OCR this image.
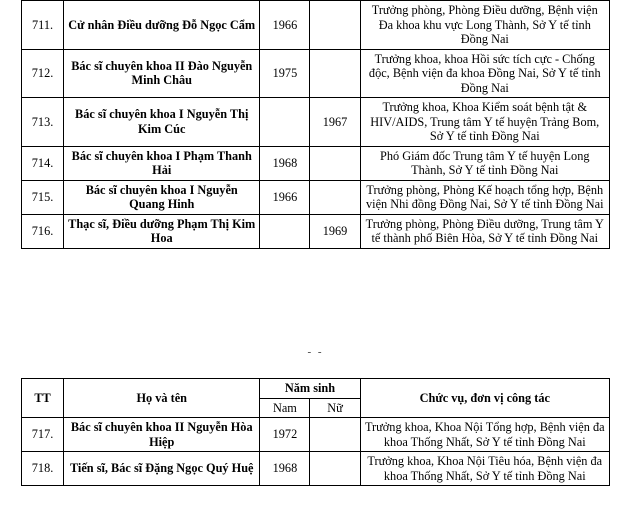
711.	Cử nhân Điều dưỡng Đỗ Ngọc Cẩm	1966		Trưởng phòng, Phòng Điều dưỡng, Bệnh viện Đa khoa khu vực Long Thành, Sở Y tế tỉnh Đồng Nai
712.	Bác sĩ chuyên khoa II Đào Nguyễn Minh Châu	1975		Trưởng khoa, khoa Hồi sức tích cực - Chống độc, Bệnh viện đa khoa Đồng Nai, Sở Y tế tỉnh Đồng Nai
713.	Bác sĩ chuyên khoa I Nguyễn Thị Kim Cúc		1967	Trưởng khoa, Khoa Kiểm soát bệnh tật & HIV/AIDS, Trung tâm Y tế huyện Trảng Bom, Sở Y tế tỉnh Đồng Nai
714.	Bác sĩ chuyên khoa I Phạm Thanh Hải	1968		Phó Giám đốc Trung tâm Y tế huyện Long Thành, Sở Y tế tỉnh Đồng Nai
715.	Bác sĩ chuyên khoa I Nguyễn Quang Hinh	1966		Trưởng phòng, Phòng Kế hoạch tổng hợp, Bệnh viện Nhi đồng Đồng Nai, Sở Y tế tỉnh Đồng Nai
716.	Thạc sĩ, Điều dưỡng Phạm Thị Kim Hoa		1969	Trưởng phòng, Phòng Điều dưỡng, Trung tâm Y tế thành phố Biên Hòa, Sở Y tế tỉnh Đồng Nai
- -
TT	Họ và tên	Năm sinh		Chức vụ, đơn vị công tác
		Nam	Nữ	
717.	Bác sĩ chuyên khoa II Nguyễn Hòa Hiệp	1972		Trưởng khoa, Khoa Nội Tổng hợp, Bệnh viện đa khoa Thống Nhất, Sở Y tế tỉnh Đồng Nai
718.	Tiến sĩ, Bác sĩ Đặng Ngọc Quý Huệ	1968		Trưởng khoa, Khoa Nội Tiêu hóa, Bệnh viện đa khoa Thống Nhất, Sở Y tế tỉnh Đồng Nai
